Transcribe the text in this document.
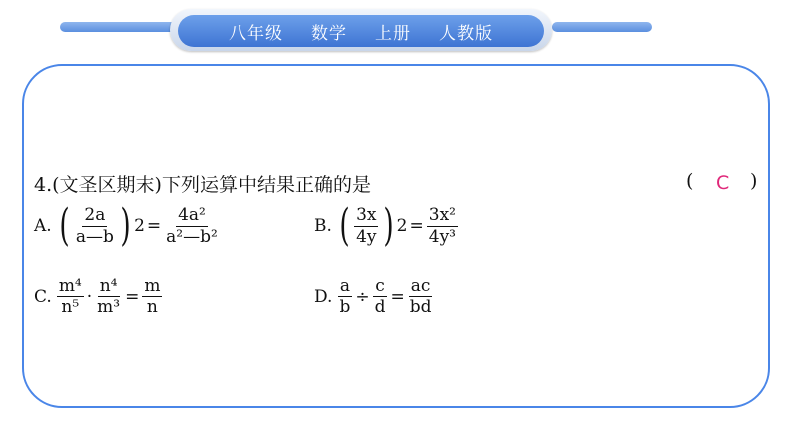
八年级 数学 上册 人教版
4.(文圣区期末)下列运算中结果正确的是	( C )
A. ( $\frac{2a}{a—b}$ ) $2 = \frac{\text{4a²}}{\text{a²—b²}}$	B. ( $\frac{3x}{4y}$ ) $2 = \frac{\text{3x²}}{\text{4y³}}$
C. $\frac{\text{m⁴}}{\text{n⁵}} \cdot \frac{\text{n⁴}}{\text{m³}} = \frac{m}{n}$	D. $\frac{a}{b} \div \frac{c}{d} = \frac{ac}{bd}$
